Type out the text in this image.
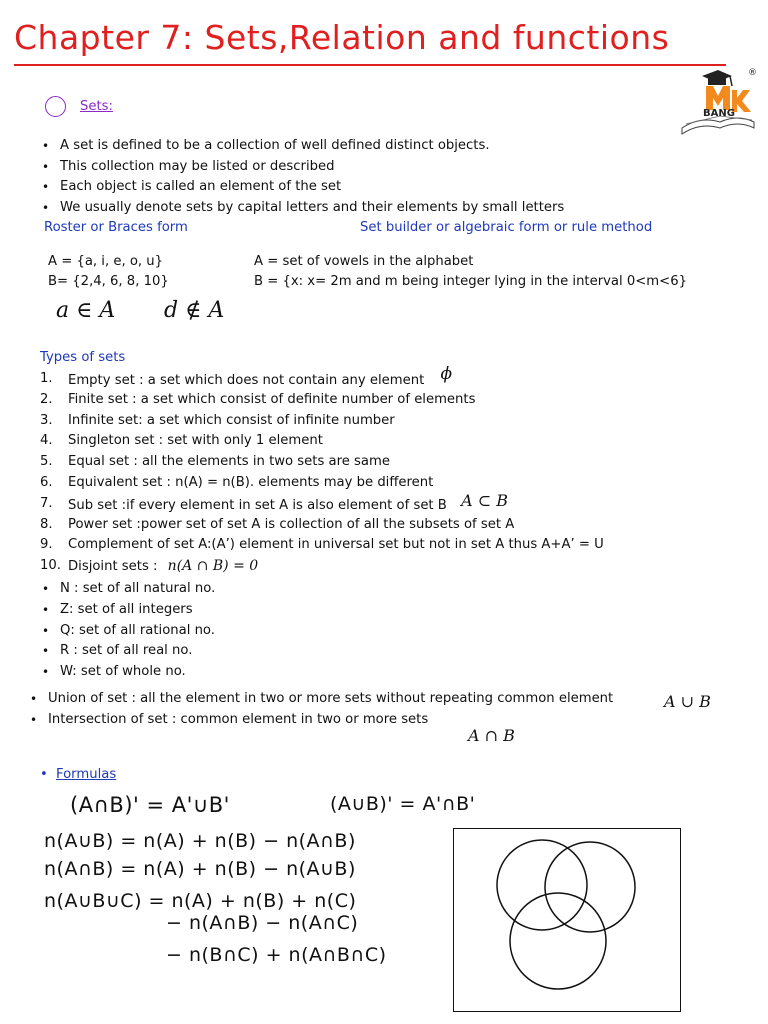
Chapter 7: Sets,Relation and functions
BANG
®
Sets:
• A set is defined to be a collection of well defined distinct objects.
• This collection may be listed or described
• Each object is called an element of the set
• We usually denote sets by capital letters and their elements by small letters
Roster or Braces form	Set builder or algebraic form or rule method
A = {a, i, e, o, u}
B= {2,4, 6, 8, 10}
A = set of vowels in the alphabet
B = {x: x= 2m and m being integer lying in the interval 0<m<6}
a ∈ A d ∉ A
Types of sets
1. Empty set : a set which does not contain any element ϕ
2. Finite set : a set which consist of definite number of elements
3. Infinite set: a set which consist of infinite number
4. Singleton set : set with only 1 element
5. Equal set : all the elements in two sets are same
6. Equivalent set : n(A) = n(B). elements may be different
7. Sub set :if every element in set A is also element of set B A ⊂ B
8. Power set :power set of set A is collection of all the subsets of set A
9. Complement of set A:(A’) element in universal set but not in set A thus A+A’ = U
10. Disjoint sets : n(A ∩ B) = 0
• N : set of all natural no.
• Z: set of all integers
• Q: set of all rational no.
• R : set of all real no.
• W: set of whole no.
• Union of set : all the element in two or more sets without repeating common element
• Intersection of set : common element in two or more sets
A ∪ B
A ∩ B
• Formulas
(A∩B)' = A'∪B'	(A∪B)' = A'∩B'
n(A∪B) = n(A) + n(B) − n(A∩B)
n(A∩B) = n(A) + n(B) − n(A∪B)
n(A∪B∪C) = n(A) + n(B) + n(C)
− n(A∩B) − n(A∩C)
− n(B∩C) + n(A∩B∩C)
